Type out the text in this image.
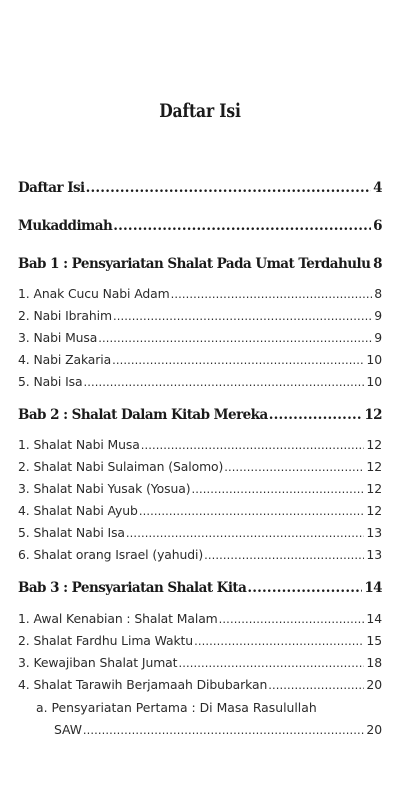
Daftar Isi
Daftar Isi .....	4
Mukaddimah .....	6
Bab 1 : Pensyariatan Shalat Pada Umat Terdahulu ..... 8
1. Anak Cucu Nabi Adam .....	8
2. Nabi Ibrahim .....	9
3. Nabi Musa .....	9
4. Nabi Zakaria .....	10
5. Nabi Isa .....	10
Bab 2 : Shalat Dalam Kitab Mereka .....	12
1. Shalat Nabi Musa .....	12
2. Shalat Nabi Sulaiman (Salomo) .....	12
3. Shalat Nabi Yusak (Yosua) .....	12
4. Shalat Nabi Ayub .....	12
5. Shalat Nabi Isa .....	13
6. Shalat orang Israel (yahudi) .....	13
Bab 3 : Pensyariatan Shalat Kita .....	14
1. Awal Kenabian : Shalat Malam .....	14
2. Shalat Fardhu Lima Waktu .....	15
3. Kewajiban Shalat Jumat .....	18
4. Shalat Tarawih Berjamaah Dibubarkan .....	20
a. Pensyariatan Pertama : Di Masa Rasulullah
SAW .....	20
